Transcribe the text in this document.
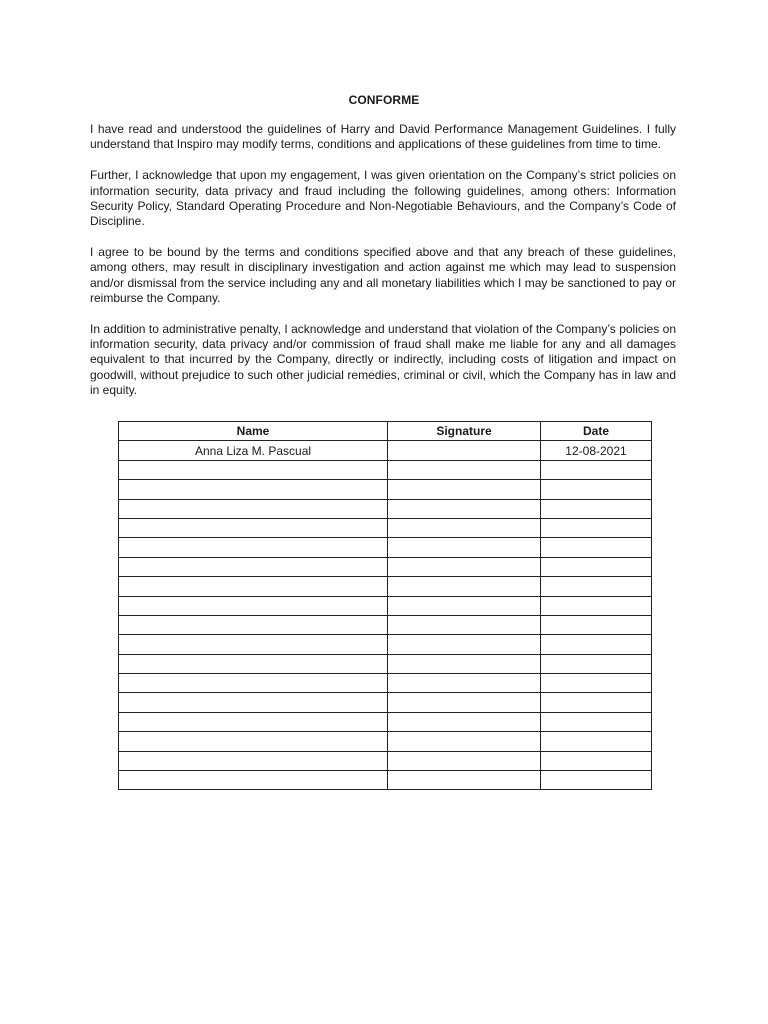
CONFORME

I have read and understood the guidelines of Harry and David Performance Management Guidelines. I fully understand that Inspiro may modify terms, conditions and applications of these guidelines from time to time.

Further, I acknowledge that upon my engagement, I was given orientation on the Company’s strict policies on information security, data privacy and fraud including the following guidelines, among others: Information Security Policy, Standard Operating Procedure and Non-Negotiable Behaviours, and the Company’s Code of Discipline.

I agree to be bound by the terms and conditions specified above and that any breach of these guidelines, among others, may result in disciplinary investigation and action against me which may lead to suspension and/or dismissal from the service including any and all monetary liabilities which I may be sanctioned to pay or reimburse the Company.

In addition to administrative penalty, I acknowledge and understand that violation of the Company’s policies on information security, data privacy and/or commission of fraud shall make me liable for any and all damages equivalent to that incurred by the Company, directly or indirectly, including costs of litigation and impact on goodwill, without prejudice to such other judicial remedies, criminal or civil, which the Company has in law and in equity.

Name	Signature	Date
Anna Liza M. Pascual		12-08-2021
